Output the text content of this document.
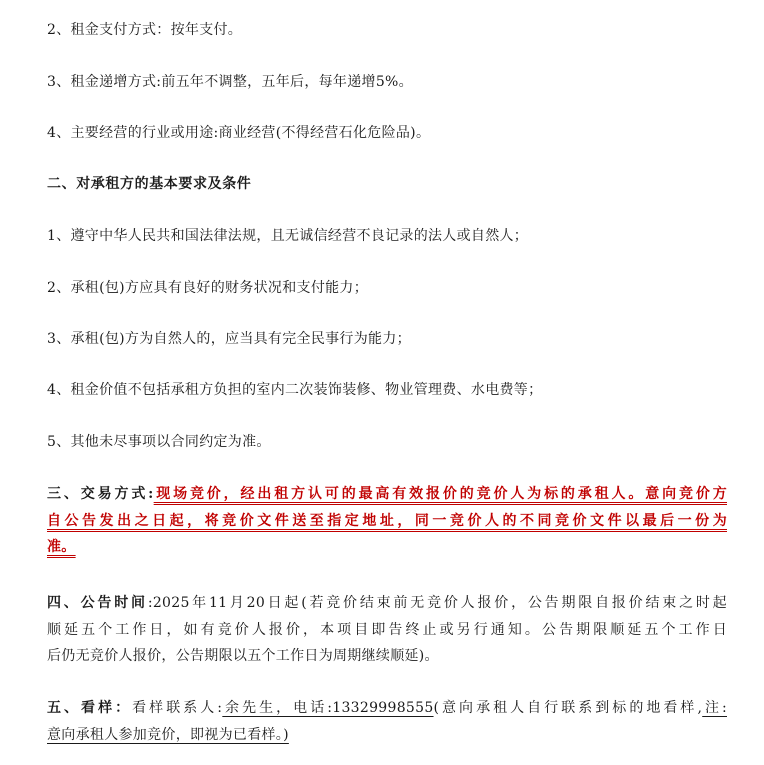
2、租金支付方式：按年支付。
3、租金递增方式:前五年不调整，五年后，每年递增5%。
4、主要经营的行业或用途:商业经营(不得经营石化危险品)。
二、对承租方的基本要求及条件
1、遵守中华人民共和国法律法规，且无诚信经营不良记录的法人或自然人；
2、承租(包)方应具有良好的财务状况和支付能力；
3、承租(包)方为自然人的，应当具有完全民事行为能力；
4、租金价值不包括承租方负担的室内二次装饰装修、物业管理费、水电费等；
5、其他未尽事项以合同约定为准。
三、交易方式:现场竞价，经出租方认可的最高有效报价的竞价人为标的承租人。意向竞价方
自公告发出之日起，将竞价文件送至指定地址，同一竞价人的不同竞价文件以最后一份为
准。
四、公告时间:2025年11月20日起(若竞价结束前无竞价人报价，公告期限自报价结束之时起
顺延五个工作日，如有竞价人报价，本项目即告终止或另行通知。公告期限顺延五个工作日
后仍无竞价人报价，公告期限以五个工作日为周期继续顺延)。
五、看样：看样联系人:余先生，电话:13329998555(意向承租人自行联系到标的地看样,注:
意向承租人参加竞价，即视为已看样。)
